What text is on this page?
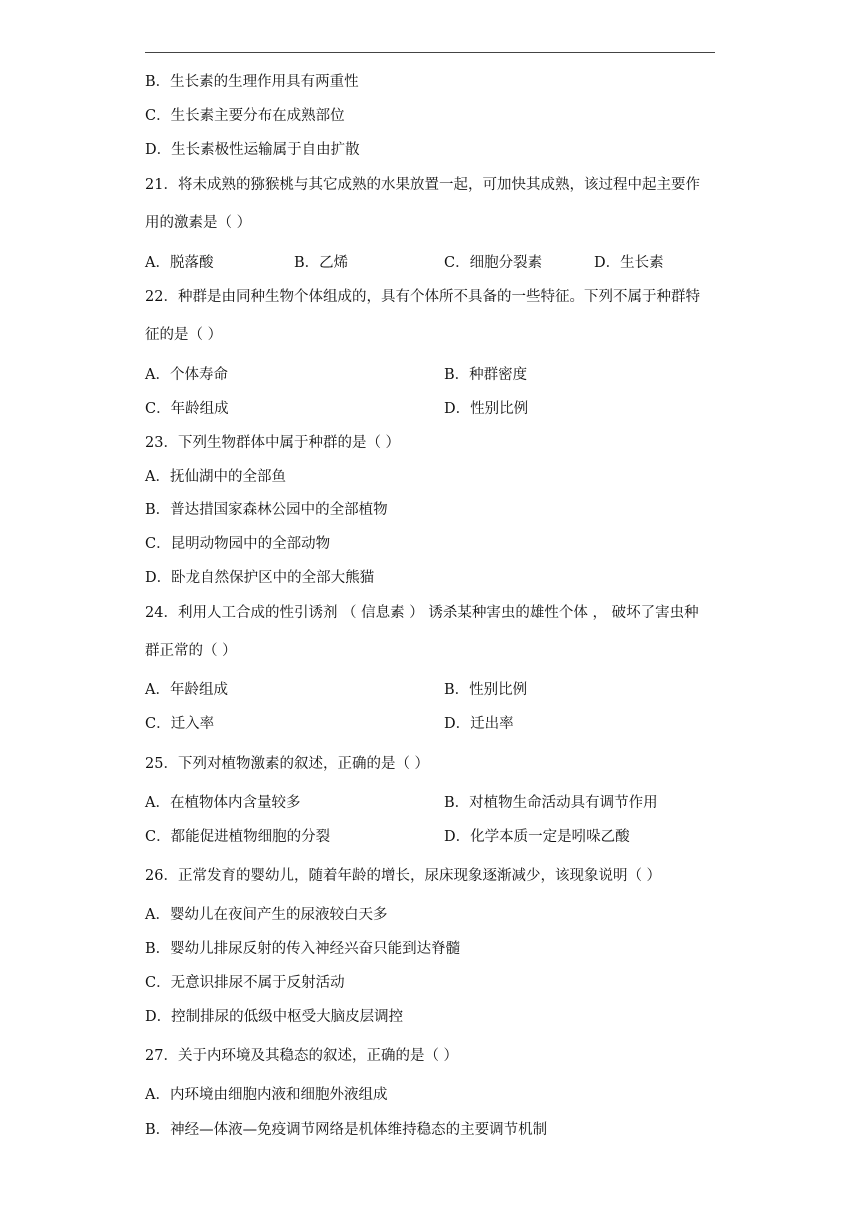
B．生长素的生理作用具有两重性
C．生长素主要分布在成熟部位
D．生长素极性运输属于自由扩散
21．将未成熟的猕猴桃与其它成熟的水果放置一起，可加快其成熟，该过程中起主要作
用的激素是（ ）
A．脱落酸	B．乙烯	C．细胞分裂素	D．生长素
22．种群是由同种生物个体组成的，具有个体所不具备的一些特征。下列不属于种群特
征的是（ ）
A．个体寿命	B．种群密度
C．年龄组成	D．性别比例
23．下列生物群体中属于种群的是（ ）
A．抚仙湖中的全部鱼
B．普达措国家森林公园中的全部植物
C．昆明动物园中的全部动物
D．卧龙自然保护区中的全部大熊猫
24．利用人工合成的性引诱剂 （ 信息素 ） 诱杀某种害虫的雄性个体 ， 破坏了害虫种
群正常的（ ）
A．年龄组成	B．性别比例
C．迁入率	D．迁出率
25．下列对植物激素的叙述，正确的是（ ）
A．在植物体内含量较多	B．对植物生命活动具有调节作用
C．都能促进植物细胞的分裂	D．化学本质一定是吲哚乙酸
26．正常发育的婴幼儿，随着年龄的增长，尿床现象逐渐减少，该现象说明（ ）
A．婴幼儿在夜间产生的尿液较白天多
B．婴幼儿排尿反射的传入神经兴奋只能到达脊髓
C．无意识排尿不属于反射活动
D．控制排尿的低级中枢受大脑皮层调控
27．关于内环境及其稳态的叙述，正确的是（ ）
A．内环境由细胞内液和细胞外液组成
B．神经—体液—免疫调节网络是机体维持稳态的主要调节机制
